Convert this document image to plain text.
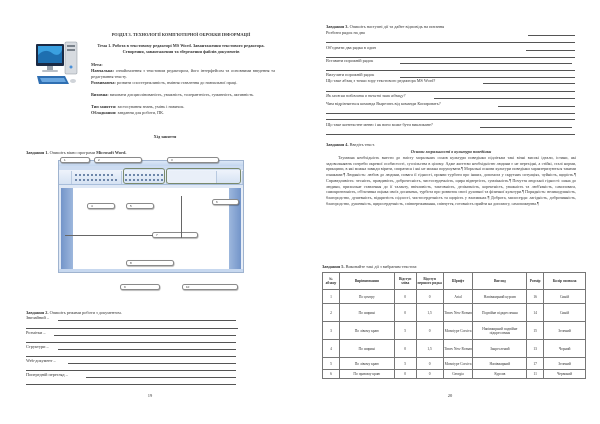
РОЗДІЛ 3. ТЕХНОЛОГІЇ КОМП'ЮТЕРНОЇ ОБРОБКИ ІНФОРМАЦІЇ
Тема 1. Робота в текстовому редакторі MS Word. Завантаження текстового редактора. Створення, завантаження та збереження файлів документів
Мета:
Навчальна: ознайомлення з текстовим редактором, його інтерфейсом та основними введення та редагування тексту.
Розвиваюча: розвити спостережливість, вміння ставлення до навчальної праці.
Виховна: виховати дисциплінованість, уважність, толерантність, гуманність, активність.
Тип заняття: застосування знань, умінь і навичок.
Обладнання: завдання для роботи, ПК.
Хід заняття
Завдання 1. Опишіть вікно програми Microsoft Word.
1	2	3
4	5
6
7
8
9	10
Завдання 2. Опишіть режими роботи з документом.
Звичайний –
Розмітки –
Структури –
Web-документ –
Попередній перегляд –
19
Завдання 3. Опишіть наступні дії та дайте відповідь на питання
Розбити рядок на два
Об'єднати два рядка в один
Вставити порожній рядок
Вилучити порожній рядок
Що таке абзац з точки зору текстового редактора MS Word?
Як можна побачити в тексті знак абзацу?
Чим відрізняється команда Вырезать від команди Копировать?
Що таке контекстне меню і як воно може бути викликане?
Завдання 4. Введіть текст.
Основи моральності в культура поведінки
Тлумачна необхідність внести до змісту моральних основ культури поведінки підліткам такі вічні високі ідеали, істини, які задовольняють потреби окремої особистості, суспільства в цілому. Адже життєво необхідністю людини є не перехідні, а стійкі, сталі норми, принципи, в які можна завжди вірити, спиратися і які не можна порушувати.¶ Моральні основи культури поведінки характеризуються такими ознаками:¶ Людяність: любов до людини, повага її гідності, прояви турботи про інших, допомога у скрутних ситуаціях, чуйність, щирість.¶ Справедливість: чесність, правдивість, доброчесність, чистосердечність, щира відвертість, сумлінність.¶ Почуття людської гідності: шана до людини, прихильне ставлення до її таланту, ввічливість, тактовність, делікатність, коректність, уважність та люб'язність, самоповага, самокритичність, об'єктивна оцінка своїх досягнень, турбота про розвиток своєї духовної та фізичної культури.¶ Порядність: великодушність, благородство, душевність, відкритість підлості, чистосердечність та щирість у взаєминах.¶ Доброта, милосердя: лагідність, доброчинність, благородство, душевність, щиросердечність, співпереживання, співчуття, готовність прийти на допомогу, самопожертва.¶
Завдання 5. Виконайте такі дії з вибраним текстом:
№ абзацу	Вирівнювання	Відступ зліва	Відступ першого рядка	Шрифт	Вигляд	Розмір	Колір символа
1	По центру	0	0	Arial	Напівжирний курсив	16	Синій
2	По ширині	0	1,5	Times New Roman	Подвійне підкреслення	14	Синій
3	По лівому краю	5	0	Monotype Corsiva	Напівжирний подвійне підкреслення	15	Зелений
4	По ширині	0	1,5	Times New Roman	Закреслений	13	Чорний
5	По лівому краю	5	0	Monotype Corsiva	Напівжирний	17	Зелений
6	По правому краю	0	0	Georgia	Курсив	11	Червоний
20
